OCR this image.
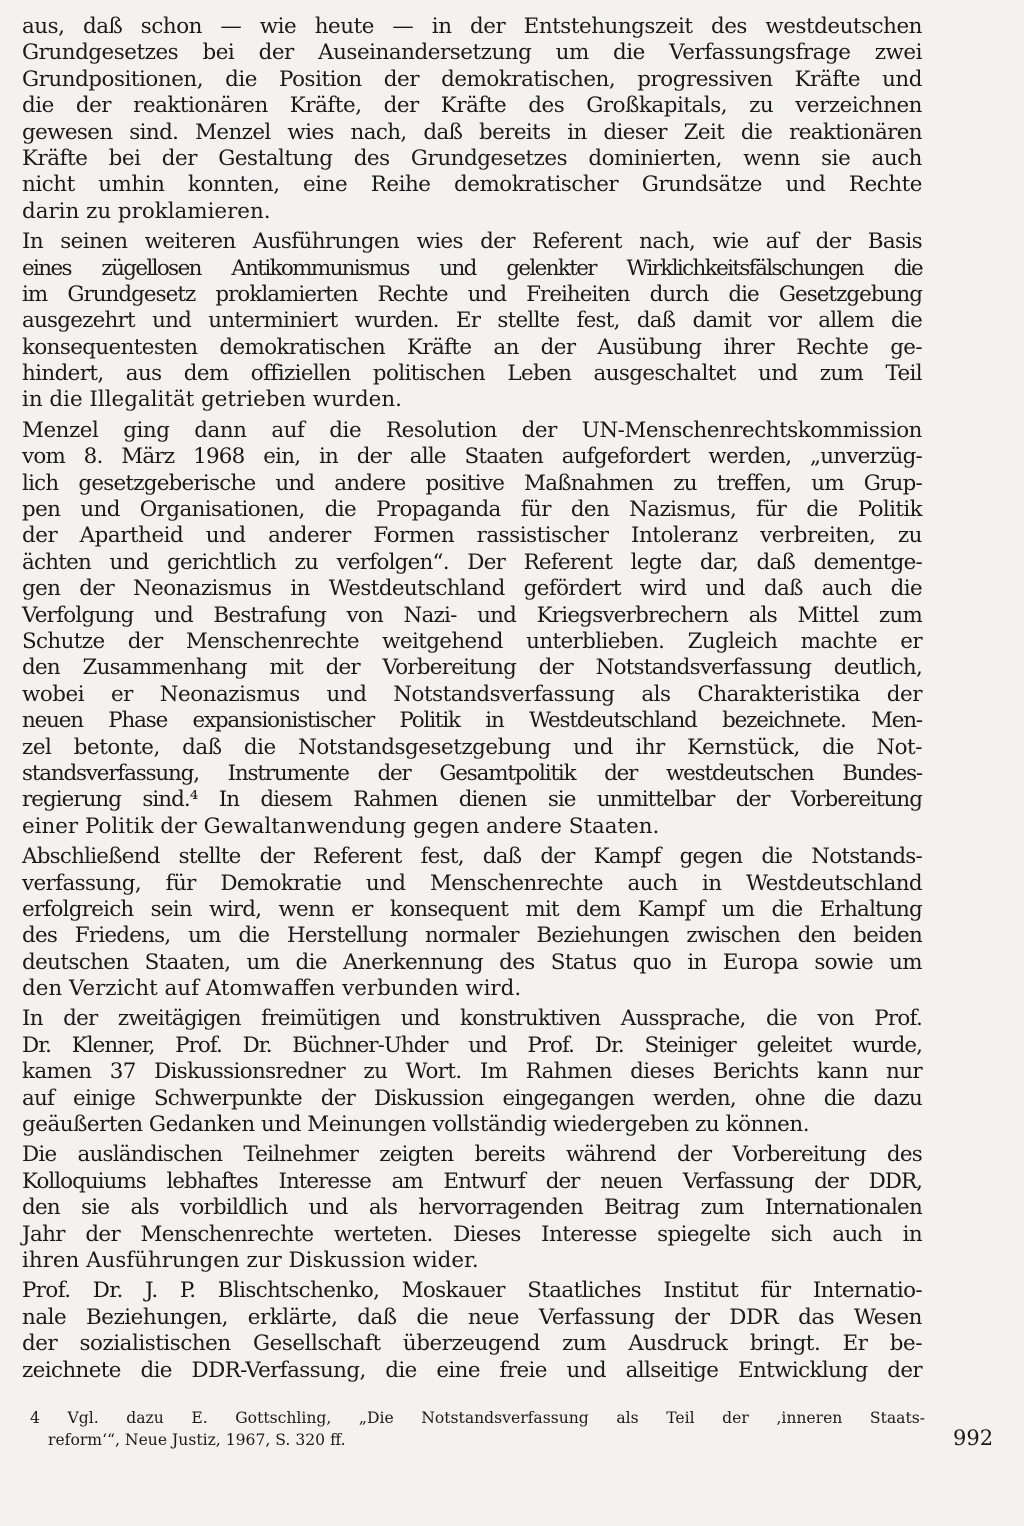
aus, daß schon — wie heute — in der Entstehungszeit des westdeutschen
Grundgesetzes bei der Auseinandersetzung um die Verfassungsfrage zwei
Grundpositionen, die Position der demokratischen, progressiven Kräfte und
die der reaktionären Kräfte, der Kräfte des Großkapitals, zu verzeichnen
gewesen sind. Menzel wies nach, daß bereits in dieser Zeit die reaktionären
Kräfte bei der Gestaltung des Grundgesetzes dominierten, wenn sie auch
nicht umhin konnten, eine Reihe demokratischer Grundsätze und Rechte
darin zu proklamieren.
In seinen weiteren Ausführungen wies der Referent nach, wie auf der Basis
eines zügellosen Antikommunismus und gelenkter Wirklichkeitsfälschungen die
im Grundgesetz proklamierten Rechte und Freiheiten durch die Gesetzgebung
ausgezehrt und unterminiert wurden. Er stellte fest, daß damit vor allem die
konsequentesten demokratischen Kräfte an der Ausübung ihrer Rechte ge-
hindert, aus dem offiziellen politischen Leben ausgeschaltet und zum Teil
in die Illegalität getrieben wurden.
Menzel ging dann auf die Resolution der UN-Menschenrechtskommission
vom 8. März 1968 ein, in der alle Staaten aufgefordert werden, „unverzüg-
lich gesetzgeberische und andere positive Maßnahmen zu treffen, um Grup-
pen und Organisationen, die Propaganda für den Nazismus, für die Politik
der Apartheid und anderer Formen rassistischer Intoleranz verbreiten, zu
ächten und gerichtlich zu verfolgen“. Der Referent legte dar, daß dementge-
gen der Neonazismus in Westdeutschland gefördert wird und daß auch die
Verfolgung und Bestrafung von Nazi- und Kriegsverbrechern als Mittel zum
Schutze der Menschenrechte weitgehend unterblieben. Zugleich machte er
den Zusammenhang mit der Vorbereitung der Notstandsverfassung deutlich,
wobei er Neonazismus und Notstandsverfassung als Charakteristika der
neuen Phase expansionistischer Politik in Westdeutschland bezeichnete. Men-
zel betonte, daß die Notstandsgesetzgebung und ihr Kernstück, die Not-
standsverfassung, Instrumente der Gesamtpolitik der westdeutschen Bundes-
regierung sind.⁴ In diesem Rahmen dienen sie unmittelbar der Vorbereitung
einer Politik der Gewaltanwendung gegen andere Staaten.
Abschließend stellte der Referent fest, daß der Kampf gegen die Notstands-
verfassung, für Demokratie und Menschenrechte auch in Westdeutschland
erfolgreich sein wird, wenn er konsequent mit dem Kampf um die Erhaltung
des Friedens, um die Herstellung normaler Beziehungen zwischen den beiden
deutschen Staaten, um die Anerkennung des Status quo in Europa sowie um
den Verzicht auf Atomwaffen verbunden wird.
In der zweitägigen freimütigen und konstruktiven Aussprache, die von Prof.
Dr. Klenner, Prof. Dr. Büchner-Uhder und Prof. Dr. Steiniger geleitet wurde,
kamen 37 Diskussionsredner zu Wort. Im Rahmen dieses Berichts kann nur
auf einige Schwerpunkte der Diskussion eingegangen werden, ohne die dazu
geäußerten Gedanken und Meinungen vollständig wiedergeben zu können.
Die ausländischen Teilnehmer zeigten bereits während der Vorbereitung des
Kolloquiums lebhaftes Interesse am Entwurf der neuen Verfassung der DDR,
den sie als vorbildlich und als hervorragenden Beitrag zum Internationalen
Jahr der Menschenrechte werteten. Dieses Interesse spiegelte sich auch in
ihren Ausführungen zur Diskussion wider.
Prof. Dr. J. P. Blischtschenko, Moskauer Staatliches Institut für Internatio-
nale Beziehungen, erklärte, daß die neue Verfassung der DDR das Wesen
der sozialistischen Gesellschaft überzeugend zum Ausdruck bringt. Er be-
zeichnete die DDR-Verfassung, die eine freie und allseitige Entwicklung der
4 Vgl. dazu E. Gottschling, „Die Notstandsverfassung als Teil der ‚inneren Staats-
reform‘“, Neue Justiz, 1967, S. 320 ff.	992
